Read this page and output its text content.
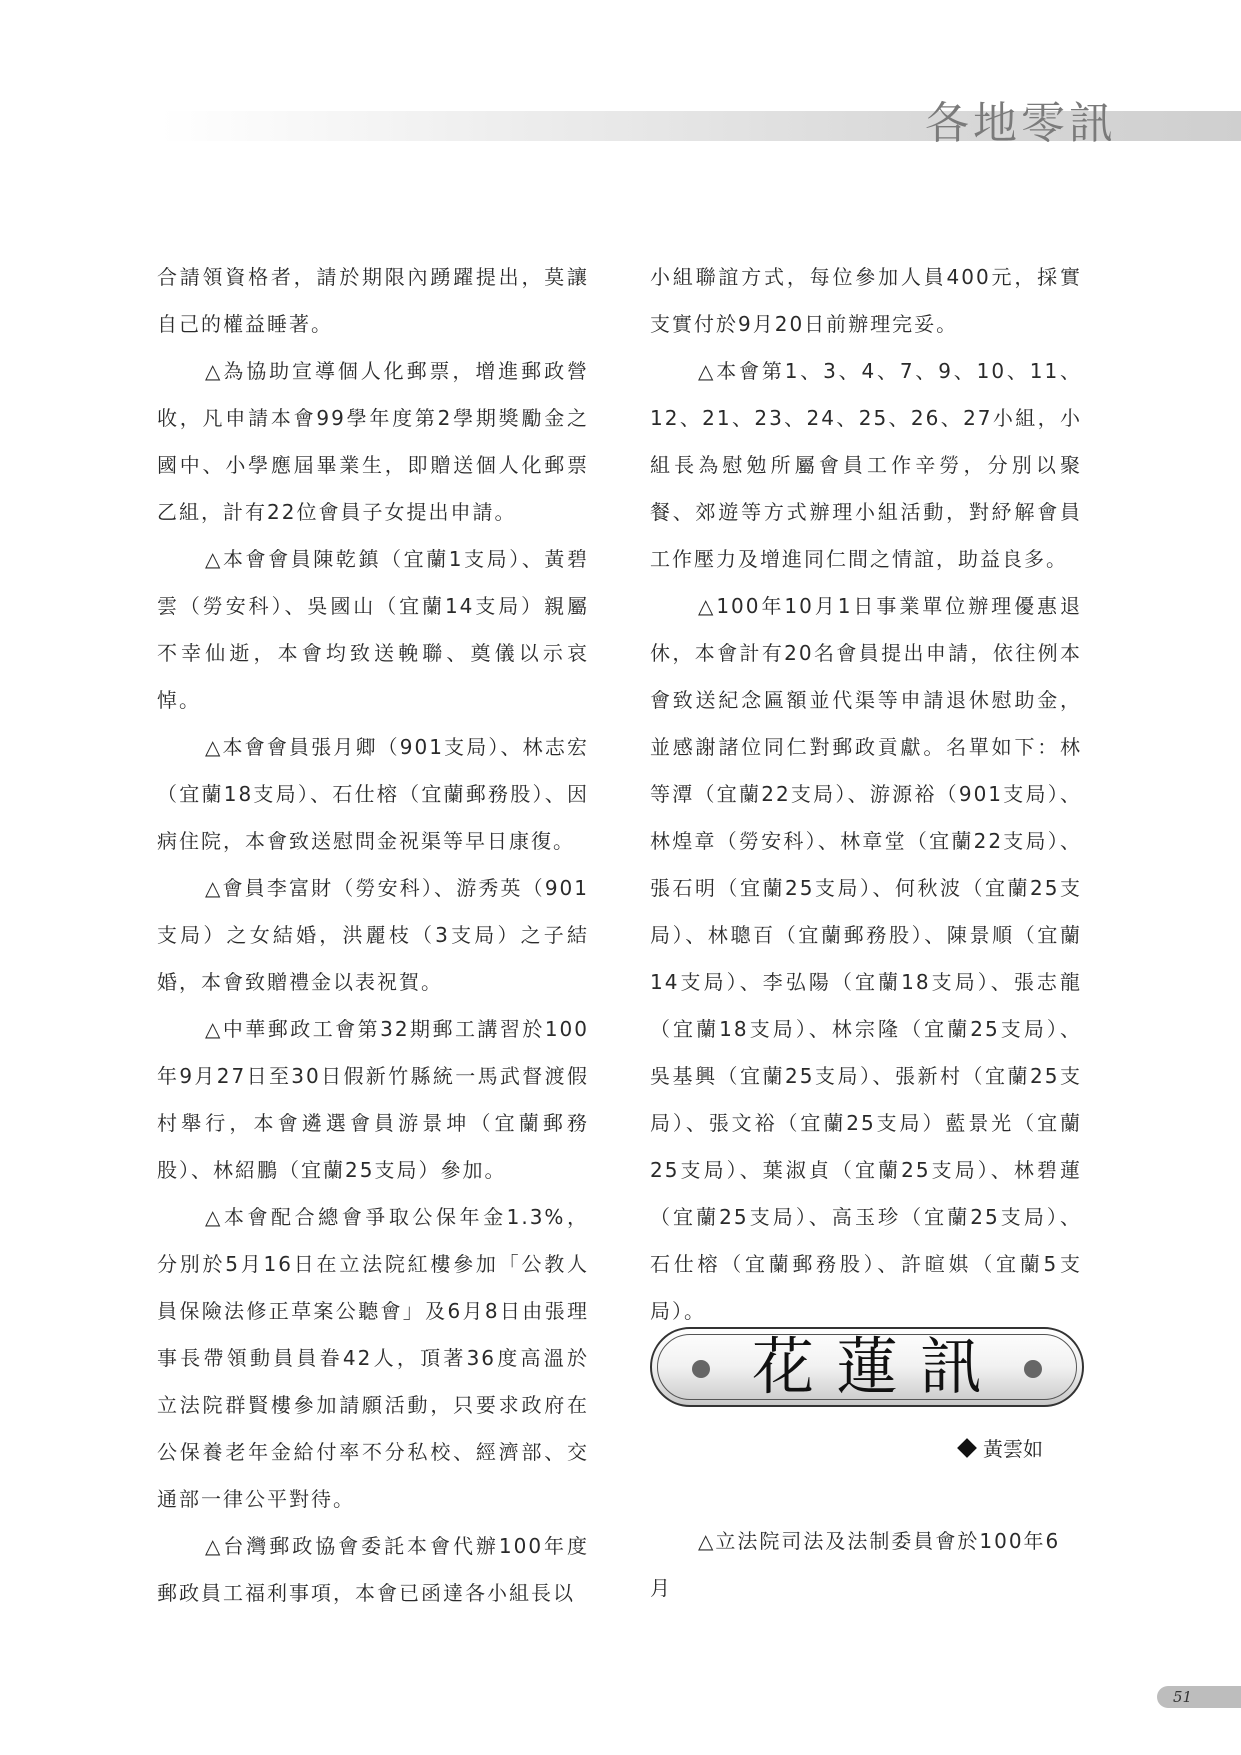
各地零訊

合請領資格者，請於期限內踴躍提出，莫讓自己的權益睡著。

△為協助宣導個人化郵票，增進郵政營收，凡申請本會99學年度第2學期獎勵金之國中、小學應屆畢業生，即贈送個人化郵票乙組，計有22位會員子女提出申請。

△本會會員陳乾鎮（宜蘭1支局）、黃碧雲（勞安科）、吳國山（宜蘭14支局）親屬不幸仙逝，本會均致送輓聯、奠儀以示哀悼。

△本會會員張月卿（901支局）、林志宏（宜蘭18支局）、石仕榕（宜蘭郵務股）、因病住院，本會致送慰問金祝渠等早日康復。

△會員李富財（勞安科）、游秀英（901支局）之女結婚，洪麗枝（3支局）之子結婚，本會致贈禮金以表祝賀。

△中華郵政工會第32期郵工講習於100年9月27日至30日假新竹縣統一馬武督渡假村舉行，本會遴選會員游景坤（宜蘭郵務股）、林紹鵬（宜蘭25支局）參加。

△本會配合總會爭取公保年金1.3%，分別於5月16日在立法院紅樓參加「公教人員保險法修正草案公聽會」及6月8日由張理事長帶領動員員眷42人，頂著36度高溫於立法院群賢樓參加請願活動，只要求政府在公保養老年金給付率不分私校、經濟部、交通部一律公平對待。

△台灣郵政協會委託本會代辦100年度郵政員工福利事項，本會已函達各小組長以

小組聯誼方式，每位參加人員400元，採實支實付於9月20日前辦理完妥。

△本會第1、3、4、7、9、10、11、12、21、23、24、25、26、27小組，小組長為慰勉所屬會員工作辛勞，分別以聚餐、郊遊等方式辦理小組活動，對紓解會員工作壓力及增進同仁間之情誼，助益良多。

△100年10月1日事業單位辦理優惠退休，本會計有20名會員提出申請，依往例本會致送紀念匾額並代渠等申請退休慰助金，並感謝諸位同仁對郵政貢獻。名單如下：林等潭（宜蘭22支局）、游源裕（901支局）、林煌章（勞安科）、林章堂（宜蘭22支局）、張石明（宜蘭25支局）、何秋波（宜蘭25支局）、林聰百（宜蘭郵務股）、陳景順（宜蘭14支局）、李弘陽（宜蘭18支局）、張志龍（宜蘭18支局）、林宗隆（宜蘭25支局）、吳基興（宜蘭25支局）、張新村（宜蘭25支局）、張文裕（宜蘭25支局）藍景光（宜蘭25支局）、葉淑貞（宜蘭25支局）、林碧蓮（宜蘭25支局）、高玉珍（宜蘭25支局）、石仕榕（宜蘭郵務股）、許暄娸（宜蘭5支局）。

花蓮訊
黃雲如

△立法院司法及法制委員會於100年6月

51
